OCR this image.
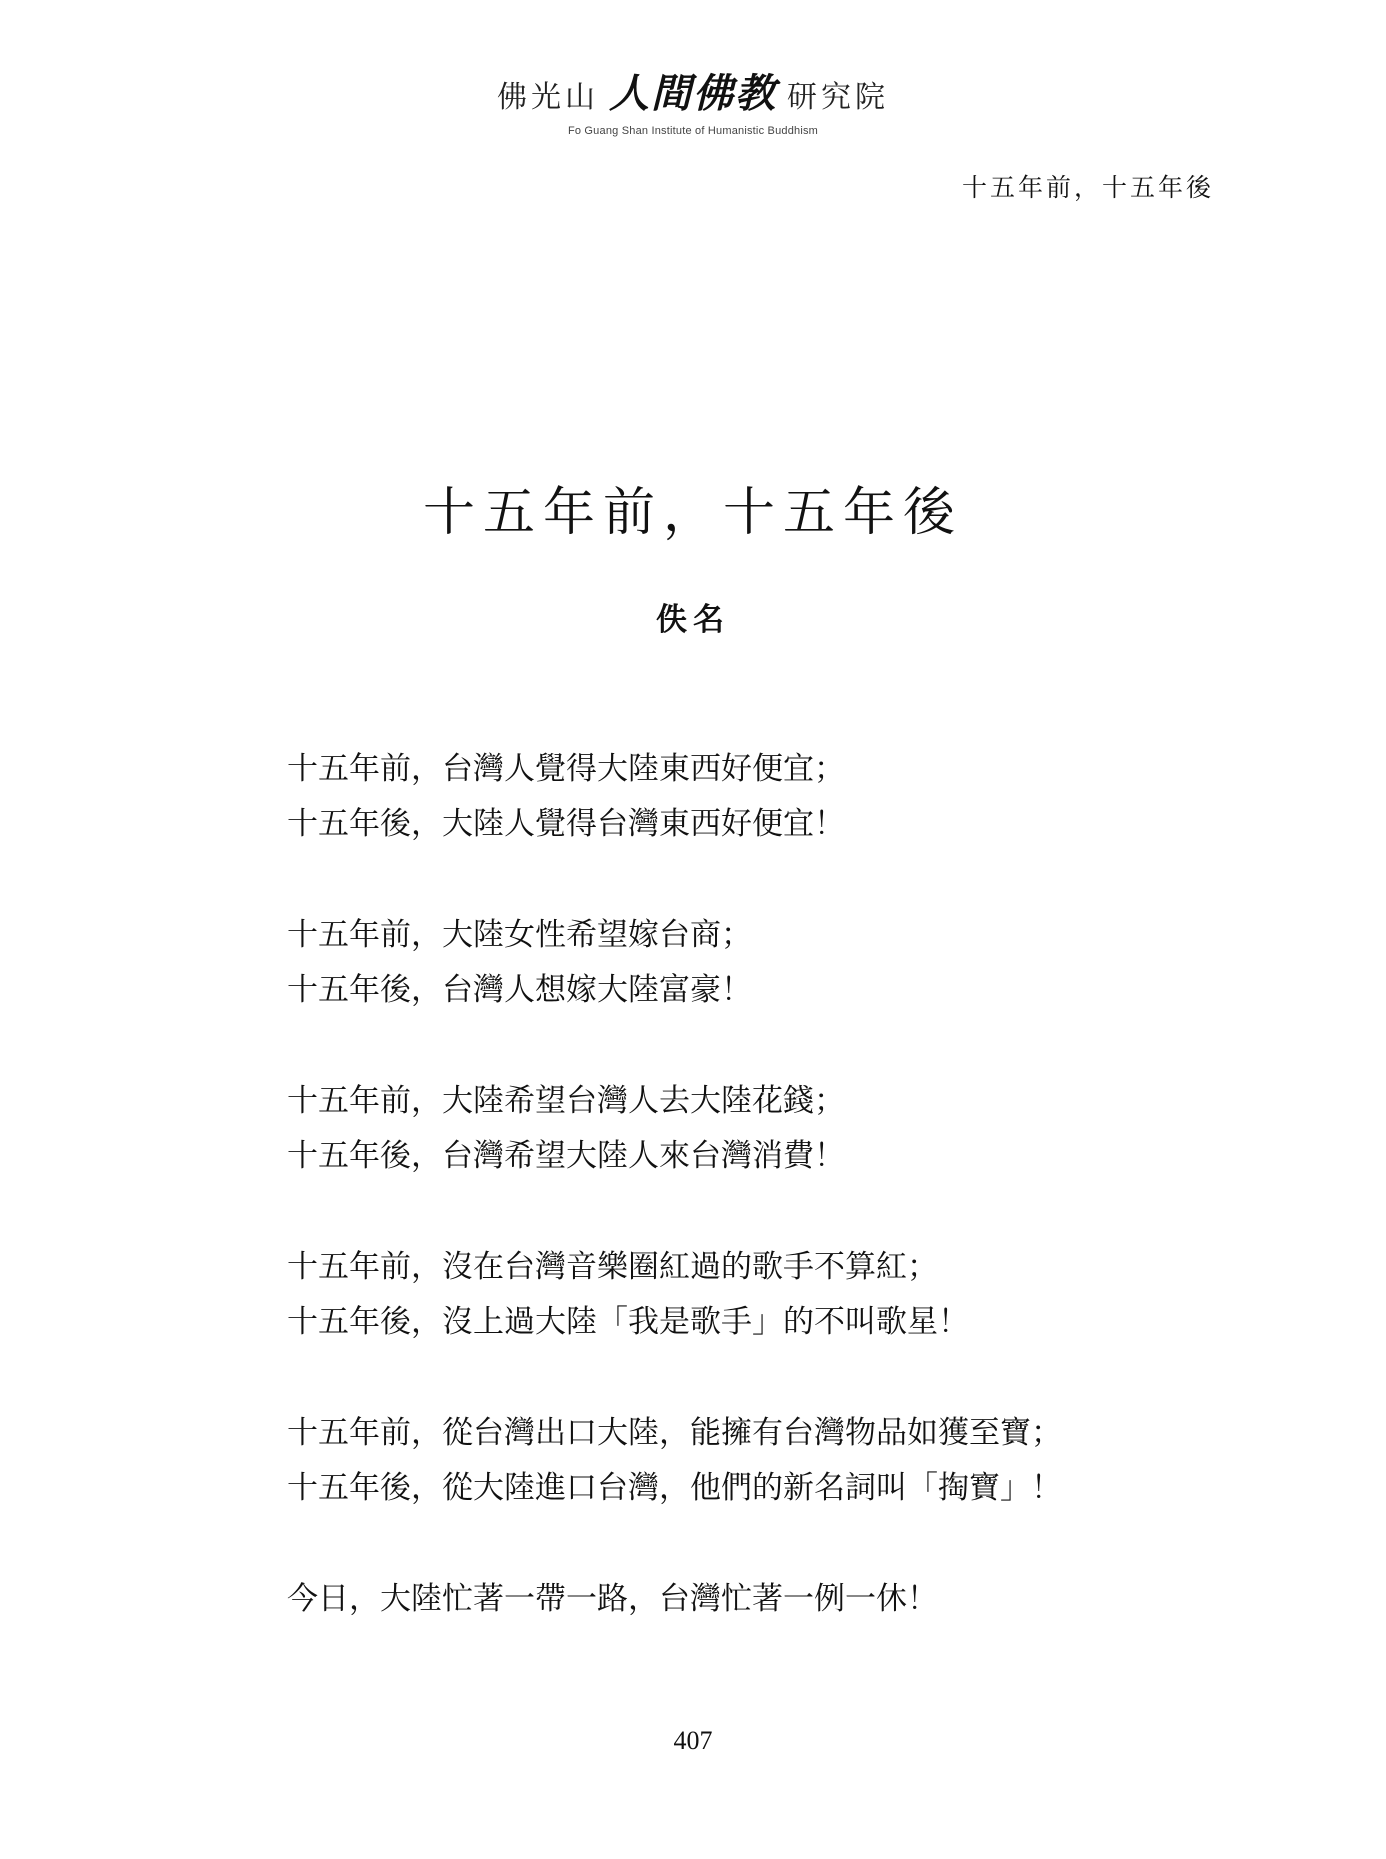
佛光山 人間佛教 研究院
Fo Guang Shan Institute of Humanistic Buddhism
十五年前，十五年後
十五年前，十五年後
佚名
十五年前，台灣人覺得大陸東西好便宜；
十五年後，大陸人覺得台灣東西好便宜！
十五年前，大陸女性希望嫁台商；
十五年後，台灣人想嫁大陸富豪！
十五年前，大陸希望台灣人去大陸花錢；
十五年後，台灣希望大陸人來台灣消費！
十五年前，沒在台灣音樂圈紅過的歌手不算紅；
十五年後，沒上過大陸「我是歌手」的不叫歌星！
十五年前，從台灣出口大陸，能擁有台灣物品如獲至寶；
十五年後，從大陸進口台灣，他們的新名詞叫「掏寶」！
今日，大陸忙著一帶一路，台灣忙著一例一休！
407
